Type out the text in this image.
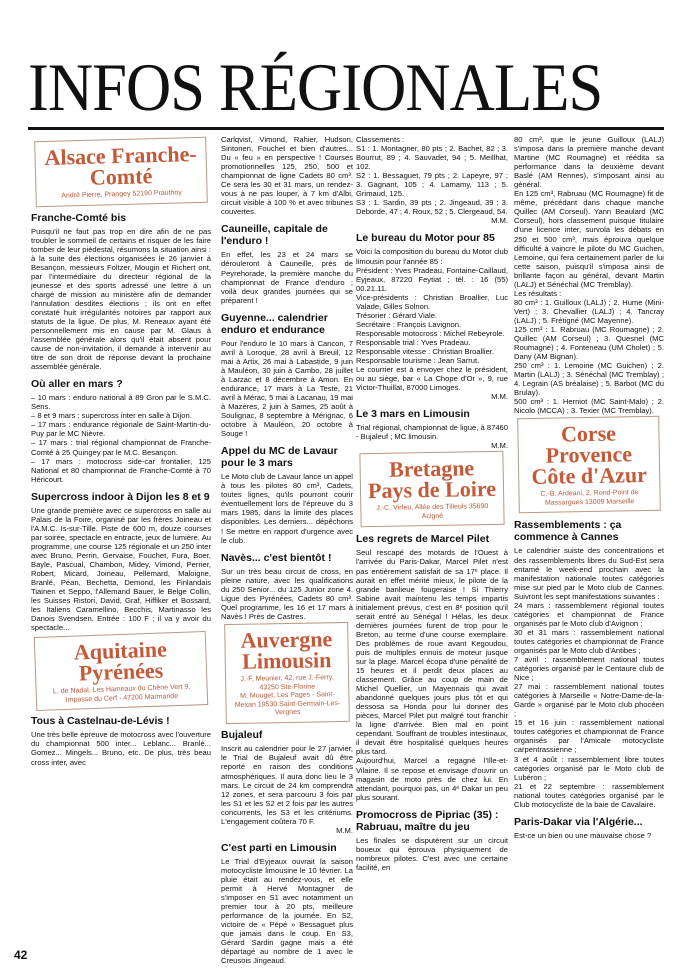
INFOS RÉGIONALES
Alsace Franche-Comté
André Pierre, Prangey 52190 Prauthoy
Franche-Comté bis

Puisqu'il ne faut pas trop en dire afin de ne pas troubler le sommeil de certains et risquer de les faire tomber de leur piédestal, résumons la situation ainsi : à la suite des élections organisées le 26 janvier à Besançon, messieurs Foltzer, Mougin et Richert ont, par l'intermédiaire du directeur régional de la jeunesse et des sports adressé une lettre à un chargé de mission au ministère afin de demander l'annulation desdites élections ; ils ont en effet constaté huit irrégularités notoires par rapport aux statuts de la ligue. De plus, M. Reneaux ayant été personnellement mis en cause par M. Glaus à l'assemblée générale alors qu'il était absent pour cause de non-invitation, il demande à intervenir au titre de son droit de réponse devant la prochaine assemblée générale.

Où aller en mars ?

– 10 mars : enduro national à 89 Gron par le S.M.C. Sens.
– 8 et 9 mars : supercross inter en salle à Dijon.
– 17 mars : endurance régionale de Saint-Martin-du-Puy par le MC Nièvre.
– 17 mars : trial régional championnat de Franche-Comté à 25 Quingey par le M.C. Besançon.
– 17 mars : motocross side-car frontalier, 125 National et 80 championnat de Franche-Comté à 70 Héricourt.

Supercross indoor à Dijon les 8 et 9

Une grande première avec ce supercross en salle au Palais de la Foire, organisé par les frères Joineau et l'A.M.C. Is-sur-Tille. Piste de 600 m, douze courses par soirée, spectacle en entracte, jeux de lumière. Au programme, une course 125 régionale et un 250 inter avec Bruno, Perrin, Gervaise, Fouchet, Fura, Boer, Bayle, Pascual, Chambon, Midey, Vimond, Perrier, Robert, Micard, Joineau, Pellemard, Maloigne, Branlé, Péan, Bechetta, Demond, les Finlandais Tiainen et Seppo, l'Allemand Bauer, le Belge Collin, les Suisses Ristori, David, Graf, Hiffiker et Bossard, les Italiens Caramellino, Becchis, Martinasso les Danois Svendsen. Entrée : 100 F ; il va y avoir du spectacle...

Aquitaine Pyrénées
L. de Nadal, Les Hameaux du Chêne Vert 9, Impasse du Cerf - 47200 Marmande
Tous à Castelnau-de-Lévis !

Une très belle épreuve de motocross avec l'ouverture du championnat 500 inter... Leblanc... Branlé... Gomez... Mingels... Bruno, etc. De plus, très beau cross inter, avec

Carlqvist, Vimond, Rahier, Hudson, Sintonen, Fouchet et bien d'autres... Du « feu » en perspective ! Courses promotionnelles 125, 250, 500 et championnat de ligne Cadets 80 cm³. Ce sera les 30 et 31 mars, un rendez-vous à ne pas louper, à 7 km d'Albi, circuit visible à 100 % et avec tribunes couvertes.

Cauneille, capitale de l'enduro !

En effet, les 23 et 24 mars se dérouleront à Cauneille, près de Peyrehorade, la première manche du championnat de France d'enduro ; voilà deux grandes journées qui se préparent !

Guyenne... calendrier enduro et endurance

Pour l'enduro le 10 mars à Cancon, 7 avril à Loroque, 28 avril à Breuil, 12 mai à Artix, 26 mai à Labastide, 9 juin à Mauléon, 30 juin à Cambo, 28 juillet à Larzac et 8 décembre à Amon. En endurance, 17 mars à La Teste, 21 avril à Mérac, 5 mai à Lacanau, 19 mai à Mazères, 2 juin à Sames, 25 août à Soulignac, 8 septembre à Mérignac, 6 octobre à Mauléon, 20 octobre à Souge !

Appel du MC de Lavaur pour le 3 mars

Le Moto club de Lavaur lance un appel à tous les pilotes 80 cm³, Cadets, toutes lignes, qu'ils pourront courir éventuellement lors de l'épreuve du 3 mars 1985, dans la limite des places disponibles. Les derniers... dépêchons ! Se mettre en rapport d'urgence avec le club.

Navès... c'est bientôt !

Sur un très beau circuit de cross, en pleine nature, avec les qualifications du 250 Senior... du 125 Junior zone 4. Ligue des Pyrénées, Cadets 80 cm³. Quel programme, les 16 et 17 mars à Navès ! Près de Castres.

Auvergne Limousin
J.-F. Meunier, 42, rue J.-Ferry, 43250 Ste-Florine
M. Mouget, Les Pages - Saint-Mexan 19530 Saint-Germain-Les-Vergnes
Bujaleuf

Inscrit au calendrier pour le 27 janvier, le Trial de Bujaleuf avait dû être reporté en raison des conditions atmosphériques. Il aura donc lieu le 3 mars. Le circuit de 24 km comprendra 12 zones, et sera parcouru 3 fois par les S1 et les S2 et 2 fois par les autres concurrents, les S3 et les critériums. L'engagement coûtera 70 F.

M.M.

C'est parti en Limousin

Le Trial d'Eyjeaux ouvrait la saison motocycliste limousine le 10 février. La pluie était au rendez-vous, et elle permit à Hervé Montagner de s'imposer en S1 avec notamment un premier tour à 20 pts, meilleure performance de la journée. En S2, victoire de « Pépé » Bessaguet plus que jamais dans le coup. En S3, Gérard Sardin gagne mais a été départagé au nombre de 1 avec le Creusois Jingeaud.

Classements :
S1 : 1. Montagner, 80 pts ; 2. Bachet, 82 ; 3. Bourrut, 89 ; 4. Sauvadet, 94 ; 5. Meillhat, 102.
S2 : 1. Bessaguet, 79 pts ; 2. Lapeyre, 97 ; 3. Gagnant, 105 ; 4. Lamamy, 113 ; 5. Grimaud, 125.
S3 : 1. Sardin, 39 pts ; 2. Jingeaud, 39 ; 3. Deborde, 47 ; 4. Roux, 52 ; 5. Clergeaud, 54.

M.M.

Le bureau du Motor pour 85

Voici la composition du bureau du Motor club limousin pour l'année 85 :
Président : Yves Pradeau, Fontaine-Caillaud, Eyjeaux, 87220 Feytiat ; tél. : 16 (55) 00.21.11.
Vice-présidents : Christian Broallier, Luc Valade, Gilles Solnon.
Trésorier : Gérard Viale.
Secrétaire : François Lavignon.
Responsable motocross : Michel Rebeyrole.
Responsable trial : Yves Pradeau.
Responsable vitesse : Christian Broallier.
Responsable tourisme : Jean Sarrut.
Le courrier est à envoyer chez le président, ou au siège, bar « La Chope d'Or », 9, rue Victor-Thuillat, 87000 Limoges.

M.M.

Le 3 mars en Limousin

Trial régional, championnat de ligue, à 87460 - Bujaleuf ; MC limousin.

M.M.

Bretagne Pays de Loire
J.-C. Virfeu, Allée des Tilleuls 35690 Acigné
Les regrets de Marcel Pilet

Seul rescapé des motards de l'Ouest à l'arrivée du Paris-Dakar, Marcel Pilet n'est pas entièrement satisfait de sa 17ᵉ place. Il aurait en effet mérité mieux, le pilote de la grande banlieue fougeraise ! Si Thierry Sabine avait maintenu les temps impartis initialement prévus, c'est en 8ᵉ position qu'il serait entré au Sénégal ! Hélas, les deux dernières journées furent de trop pour le Breton, au terme d'une course exemplaire. Des problèmes de roue avant Kegoudou, puis de multiples ennuis de moteur jusque sur la plage. Marcel écopa d'une pénalité de 15 heures et il perdit deux places au classement. Grâce au coup de main de Michel Quellier, un Mayennais qui avait abandonné quelques jours plus tôt et qui dessosa sa Honda pour lui donner des pièces, Marcel Pilet put malgré tout franchir la ligne d'arrivée. Bien mal en point cependant. Souffrant de troubles intestinaux, il devait être hospitalisé quelques heures plus tard.
Aujourd'hui, Marcel a regagné l'Ille-et-Vilaine. Il se repose et envisage d'ouvrir un magasin de moto près de chez lui. En attendant, pourquoi pas, un 4ᵉ Dakar un peu plus sourant.

Promocross de Pipriac (35) : Rabruau, maître du jeu

Les finales se disputèrent sur un circuit boueux qui éprouva physiquement de nombreux pilotes. C'est avec une certaine facilité, en

80 cm³, que le jeune Guilloux (LALJ) s'imposa dans la première manche devant Martine (MC Roumagne) et réédita sa performance dans la deuxième devant Baslé (AM Rennes), s'imposant ainsi au général.
En 125 cm³, Rabruau (MC Roumagne) fit de même, précédant dans chaque manche Quillec (AM Corseul). Yann Beaulard (MC Corseul), hors classement puisque titulaire d'une licence inter, survola les débats en 250 et 500 cm³, mais éprouva quelque difficulté à vaincre le pilote du MC Guichen, Lemoine, qui fera certainement parler de lui cette saison, puisqu'il s'imposa ainsi de brillante façon au général, devant Martin (LALJ) et Sénéchal (MC Tremblay).

Les résultats :
80 cm³ : 1. Guilloux (LALJ) ; 2. Hume (Mini-Vert) ; 3. Chevallier (LALJ) ; 4. Tancray (LALJ) ; 5. Frétigné (MC Mayenne).
125 cm³ : 1. Rabruau (MC Roumagne) ; 2. Quillec (AM Corseul) ; 3. Quesnel (MC Roumagne) ; 4. Fonteneau (UM Cholet) ; 5. Dany (AM Bignan).
250 cm³ : 1. Lemoine (MC Guichen) ; 2. Martin (LALJ) ; 3. Sénéchal (MC Tremblay) ; 4. Legrain (AS bréalaise) ; 5. Barbot (MC du Brulay).
500 cm³ : 1. Herniot (MC Saint-Malo) ; 2. Nicolo (MCCA) ; 3. Texier (MC Tremblay).

Corse Provence Côte d'Azur
C.-B. Ardeani, 2, Rond-Point de Massargues 13009 Marseille
Rassemblements : ça commence à Cannes

Le calendrier suiste des concentrations et des rassemblements libres du Sud-Est sera entamé le week-end prochain avec la manifestation nationale toutes catégories mise sur pied par le Moto club de Cannes. Suivront les sept manifestations suivantes :
24 mars : rassemblement régional toutes catégories et championnat de France organisés par le Moto club d'Avignon ;
30 et 31 mars : rassemblement national toutes catégories et championnat de France organisés par le Moto club d'Antibes ;
7 avril : rassemblement national toutes catégories organisé par le Centaure club de Nice ;
27 mai : rassemblement national toutes catégories à Marseille « Notre-Dame-de-la-Garde » organisé par le Moto club phocéen ;
15 et 16 juin : rassemblement national toutes catégories et championnat de France organisés par l'Amicale motocycliste carpentrassienne ;
3 et 4 août : rassemblement libre toutes catégories organisé par le Moto club de Lubéron ;
21 et 22 septembre : rassemblement national toutes catégories organisé par le Club motocycliste de la baie de Cavalaire.

Paris-Dakar via l'Algérie...

Est-ce un bien ou une mauvaise chose ?

42
